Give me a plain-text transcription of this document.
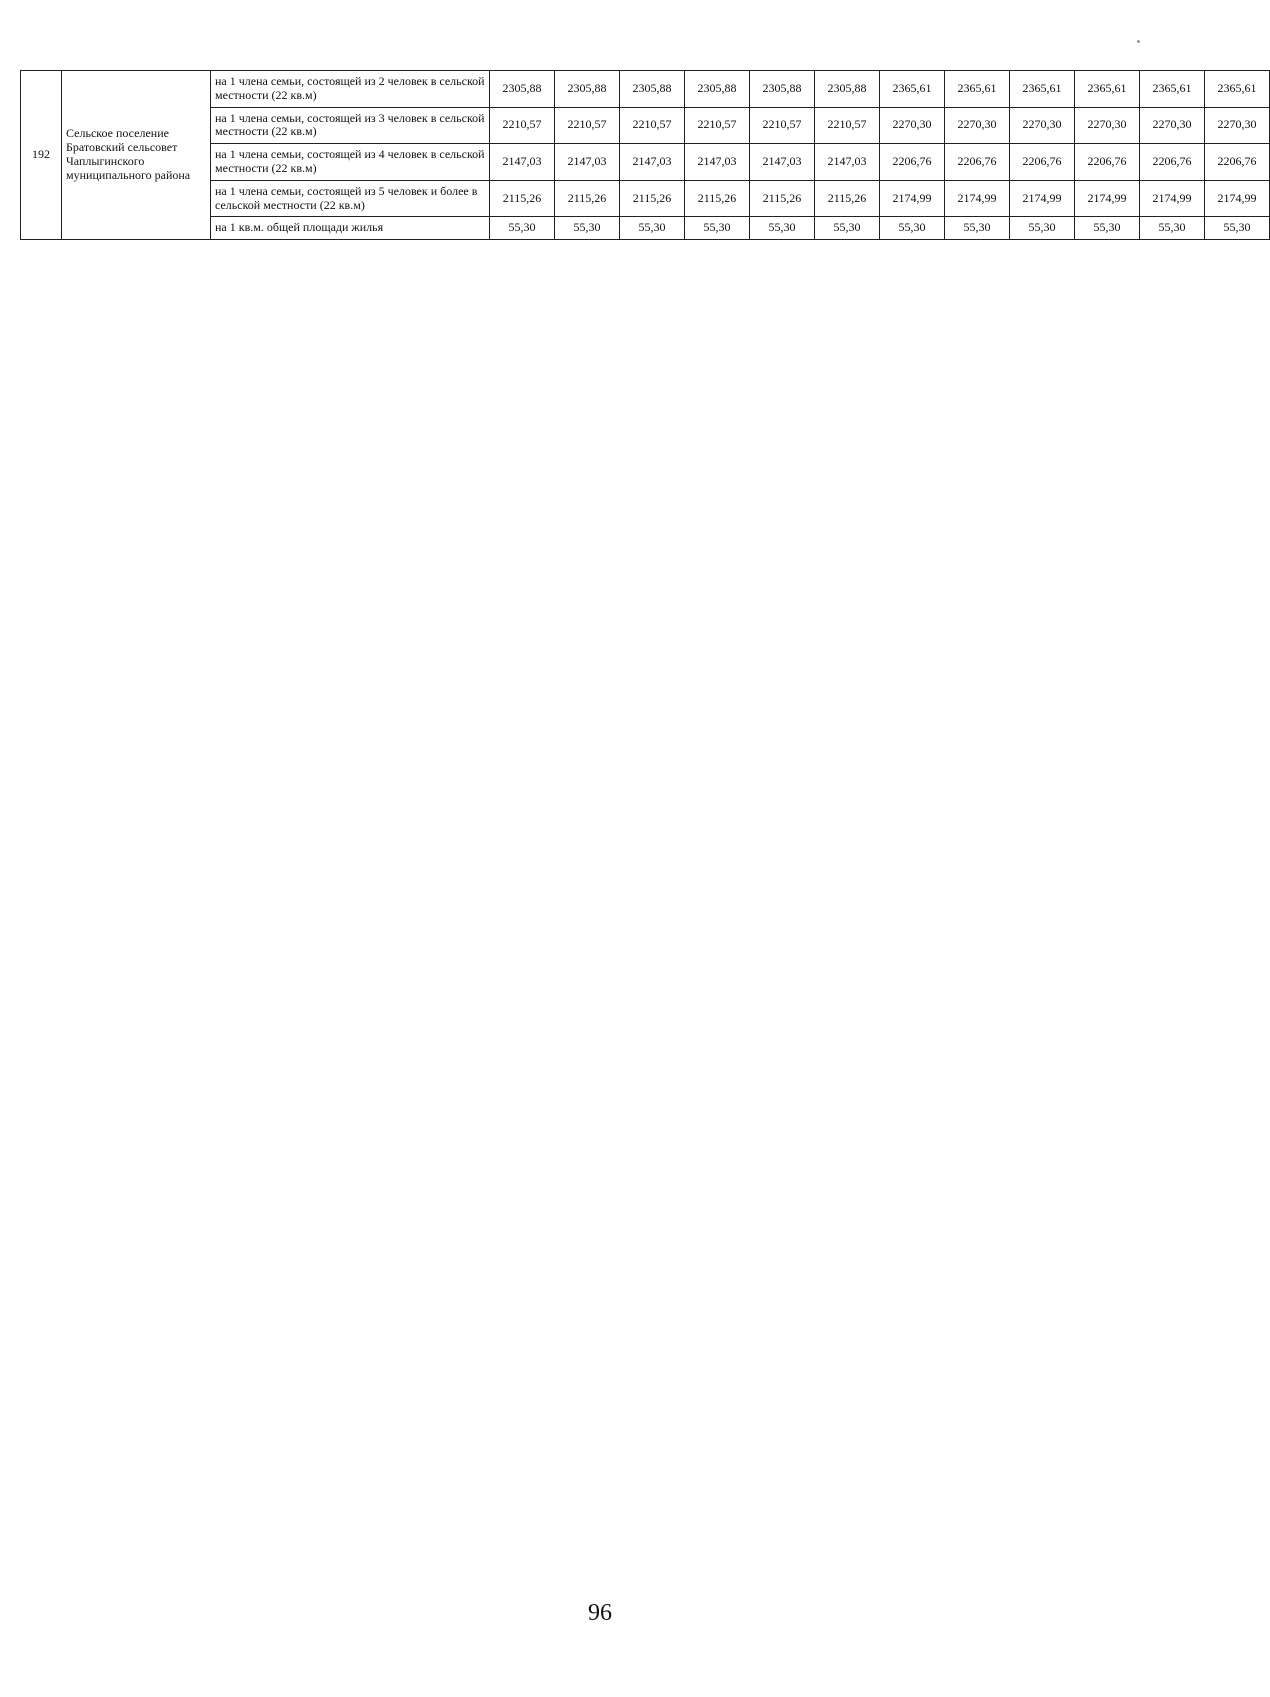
192	Сельское поселение Братовский сельсовет Чаплыгинского муниципального района	на 1 члена семьи, состоящей из 2 человек в сельской местности (22 кв.м)	2305,88	2305,88	2305,88	2305,88	2305,88	2305,88	2365,61	2365,61	2365,61	2365,61	2365,61	2365,61
		на 1 члена семьи, состоящей из 3 человек в сельской местности (22 кв.м)	2210,57	2210,57	2210,57	2210,57	2210,57	2210,57	2270,30	2270,30	2270,30	2270,30	2270,30	2270,30
		на 1 члена семьи, состоящей из 4 человек в сельской местности (22 кв.м)	2147,03	2147,03	2147,03	2147,03	2147,03	2147,03	2206,76	2206,76	2206,76	2206,76	2206,76	2206,76
		на 1 члена семьи, состоящей из 5 человек и более в сельской местности (22 кв.м)	2115,26	2115,26	2115,26	2115,26	2115,26	2115,26	2174,99	2174,99	2174,99	2174,99	2174,99	2174,99
		на 1 кв.м. общей площади жилья	55,30	55,30	55,30	55,30	55,30	55,30	55,30	55,30	55,30	55,30	55,30	55,30
96
